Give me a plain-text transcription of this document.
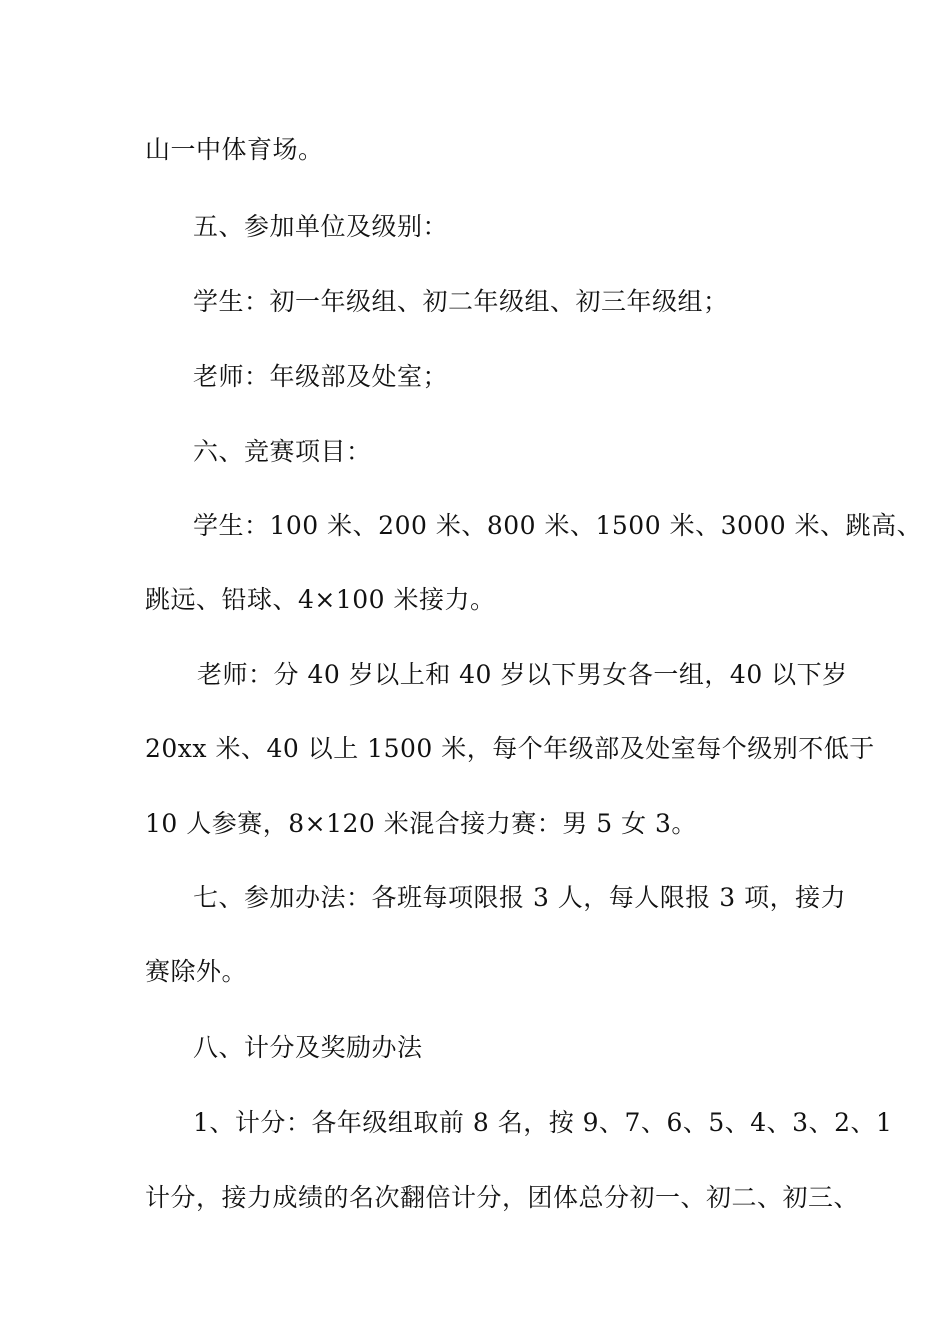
山一中体育场。
五、参加单位及级别：
学生：初一年级组、初二年级组、初三年级组；
老师：年级部及处室；
六、竞赛项目：
学生：100 米、200 米、800 米、1500 米、3000 米、跳高、
跳远、铅球、4×100 米接力。
老师：分 40 岁以上和 40 岁以下男女各一组，40 以下岁
20xx 米、40 以上 1500 米，每个年级部及处室每个级别不低于
10 人参赛，8×120 米混合接力赛：男 5 女 3。
七、参加办法：各班每项限报 3 人，每人限报 3 项，接力
赛除外。
八、计分及奖励办法
1、计分：各年级组取前 8 名，按 9、7、6、5、4、3、2、1
计分，接力成绩的名次翻倍计分，团体总分初一、初二、初三、
